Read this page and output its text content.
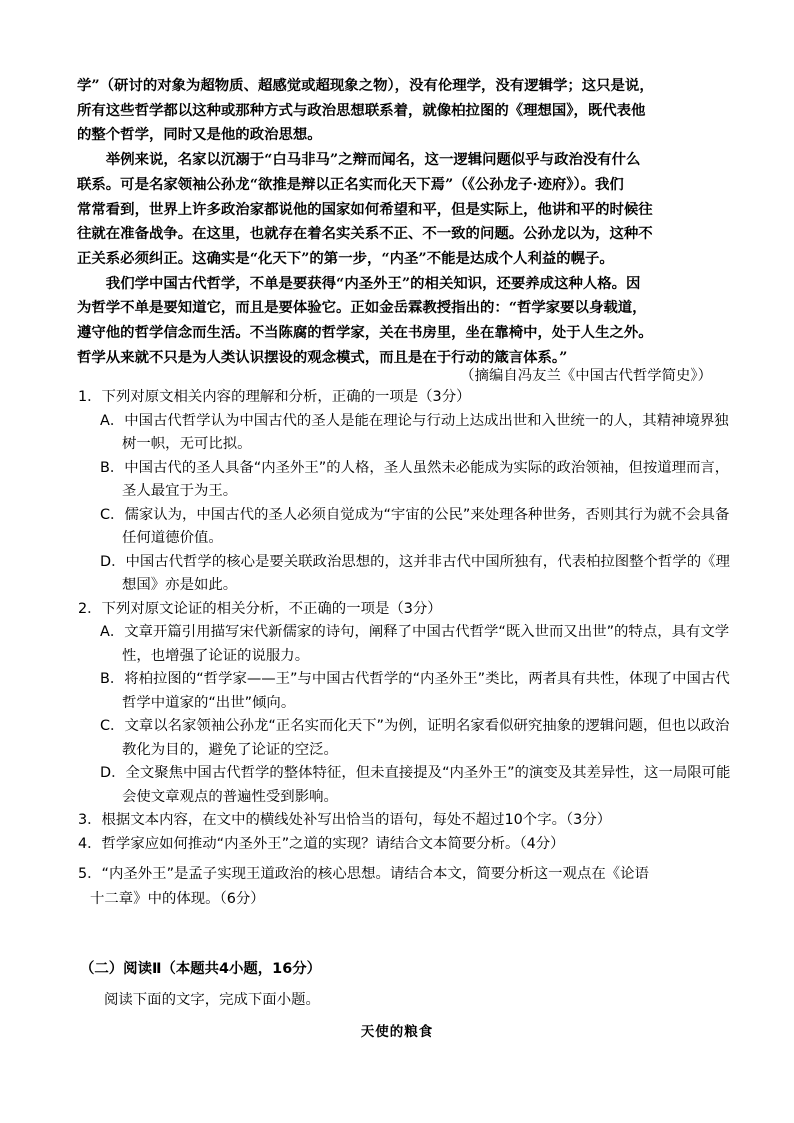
学”（研讨的对象为超物质、超感觉或超现象之物），没有伦理学，没有逻辑学；这只是说，
所有这些哲学都以这种或那种方式与政治思想联系着，就像柏拉图的《理想国》，既代表他
的整个哲学，同时又是他的政治思想。

举例来说，名家以沉溺于“白马非马”之辩而闻名，这一逻辑问题似乎与政治没有什么
联系。可是名家领袖公孙龙“欲推是辩以正名实而化天下焉”（《公孙龙子·迹府》）。我们
常常看到，世界上许多政治家都说他的国家如何希望和平，但是实际上，他讲和平的时候往
往就在准备战争。在这里，也就存在着名实关系不正、不一致的问题。公孙龙以为，这种不
正关系必须纠正。这确实是“化天下”的第一步，“内圣”不能是达成个人利益的幌子。

我们学中国古代哲学，不单是要获得“内圣外王”的相关知识，还要养成这种人格。因
为哲学不单是要知道它，而且是要体验它。正如金岳霖教授指出的：“哲学家要以身载道，
遵守他的哲学信念而生活。不当陈腐的哲学家，关在书房里，坐在靠椅中，处于人生之外。
哲学从来就不只是为人类认识摆设的观念模式，而且是在于行动的箴言体系。”

（摘编自冯友兰《中国古代哲学简史》）

1．下列对原文相关内容的理解和分析，正确的一项是（3分）

A．中国古代哲学认为中国古代的圣人是能在理论与行动上达成出世和入世统一的人，其精神境界独树一帜，无可比拟。

B．中国古代的圣人具备“内圣外王”的人格，圣人虽然未必能成为实际的政治领袖，但按道理而言，圣人最宜于为王。

C．儒家认为，中国古代的圣人必须自觉成为“宇宙的公民”来处理各种世务，否则其行为就不会具备任何道德价值。

D．中国古代哲学的核心是要关联政治思想的，这并非古代中国所独有，代表柏拉图整个哲学的《理想国》亦是如此。

2．下列对原文论证的相关分析，不正确的一项是（3分）

A．文章开篇引用描写宋代新儒家的诗句，阐释了中国古代哲学“既入世而又出世”的特点，具有文学性，也增强了论证的说服力。

B．将柏拉图的“哲学家——王”与中国古代哲学的“内圣外王”类比，两者具有共性，体现了中国古代哲学中道家的“出世”倾向。

C．文章以名家领袖公孙龙“正名实而化天下”为例，证明名家看似研究抽象的逻辑问题，但也以政治教化为目的，避免了论证的空泛。

D．全文聚焦中国古代哲学的整体特征，但未直接提及“内圣外王”的演变及其差异性，这一局限可能会使文章观点的普遍性受到影响。

3．根据文本内容，在文中的横线处补写出恰当的语句，每处不超过10个字。（3分）

4．哲学家应如何推动“内圣外王”之道的实现？请结合文本简要分析。（4分）

5．“内圣外王”是孟子实现王道政治的核心思想。请结合本文，简要分析这一观点在《论语
十二章》中的体现。（6分）
（二）阅读Ⅱ（本题共4小题，16分）
阅读下面的文字，完成下面小题。
天使的粮食
